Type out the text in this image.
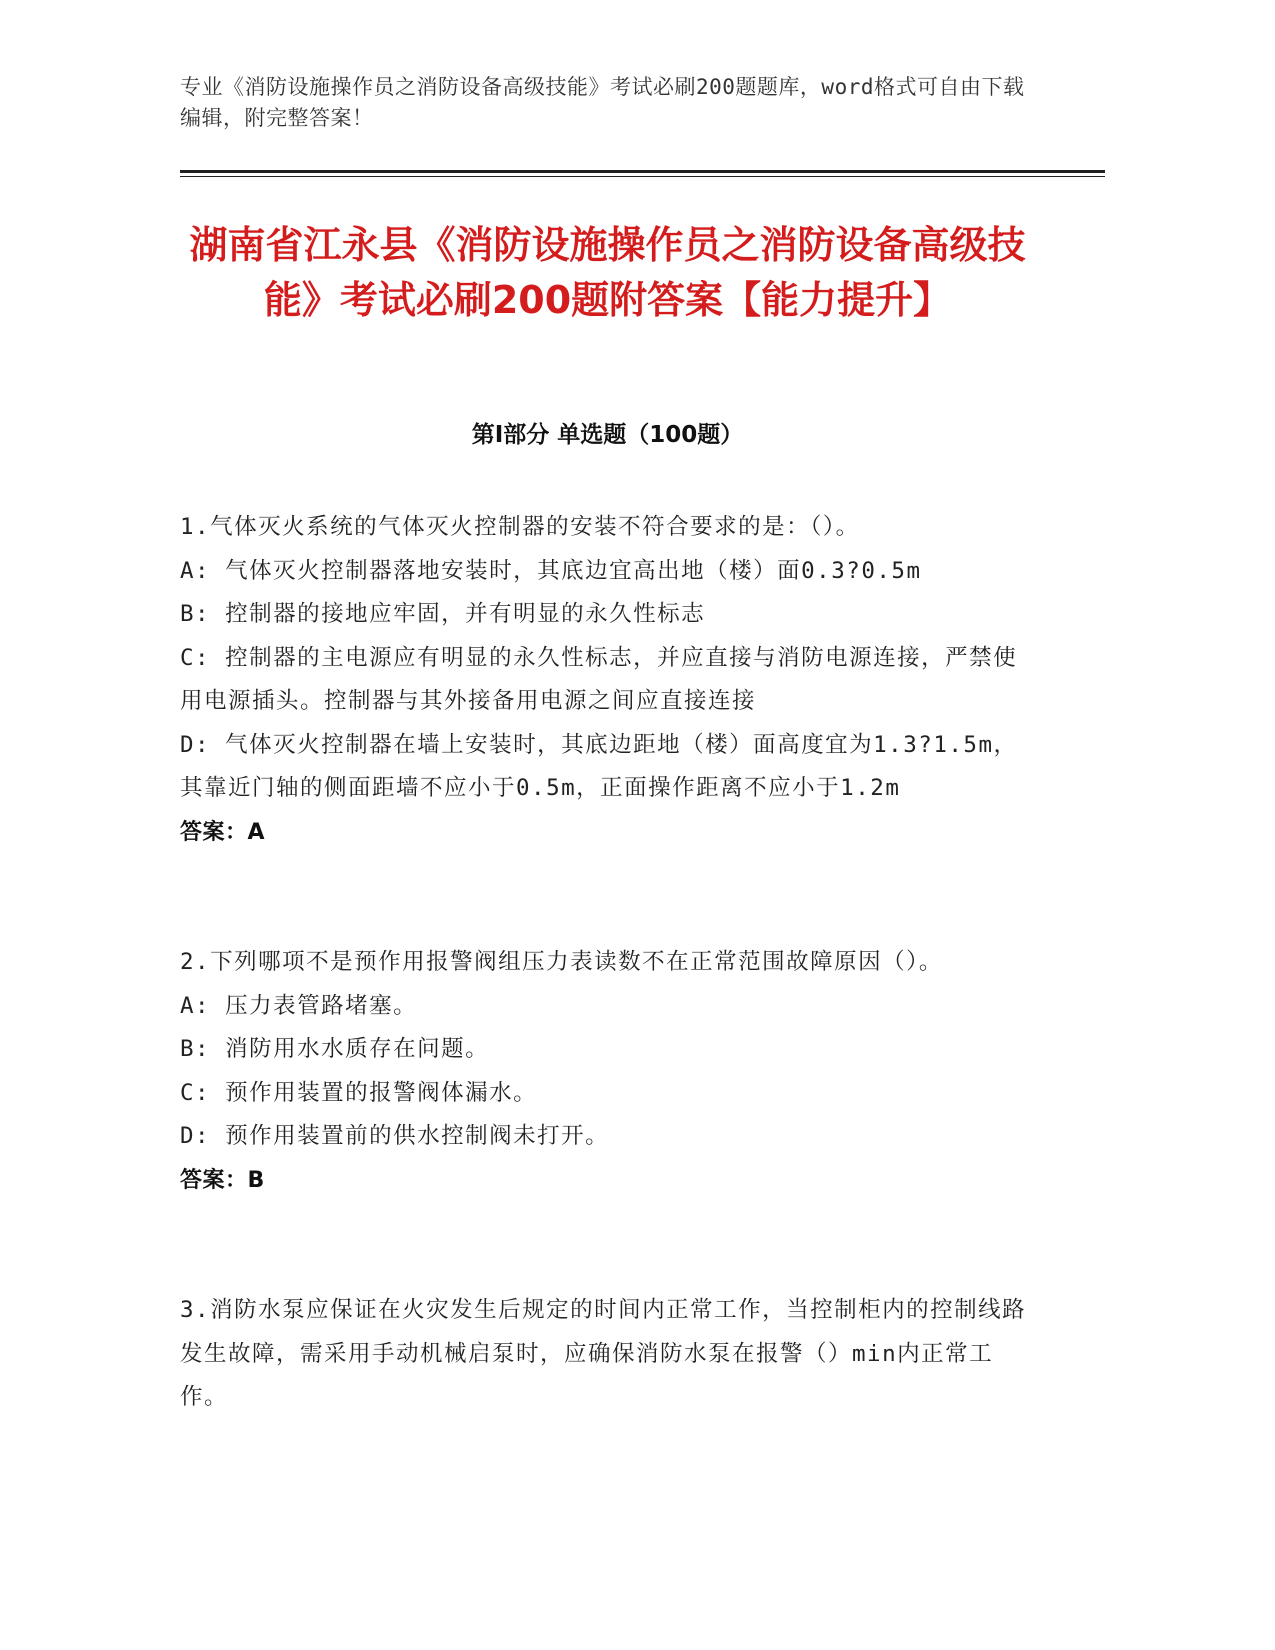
专业《消防设施操作员之消防设备高级技能》考试必刷200题题库，word格式可自由下载编辑，附完整答案！
湖南省江永县《消防设施操作员之消防设备高级技能》考试必刷200题附答案【能力提升】
第I部分 单选题（100题）

1.气体灭火系统的气体灭火控制器的安装不符合要求的是：（）。

A: 气体灭火控制器落地安装时，其底边宜高出地（楼）面0.3?0.5m

B: 控制器的接地应牢固，并有明显的永久性标志

C: 控制器的主电源应有明显的永久性标志，并应直接与消防电源连接，严禁使用电源插头。控制器与其外接备用电源之间应直接连接

D: 气体灭火控制器在墙上安装时，其底边距地（楼）面高度宜为1.3?1.5m，其靠近门轴的侧面距墙不应小于0.5m，正面操作距离不应小于1.2m

答案：A

2.下列哪项不是预作用报警阀组压力表读数不在正常范围故障原因（）。

A: 压力表管路堵塞。

B: 消防用水水质存在问题。

C: 预作用装置的报警阀体漏水。

D: 预作用装置前的供水控制阀未打开。

答案：B

3.消防水泵应保证在火灾发生后规定的时间内正常工作，当控制柜内的控制线路发生故障，需采用手动机械启泵时，应确保消防水泵在报警（）min内正常工作。
